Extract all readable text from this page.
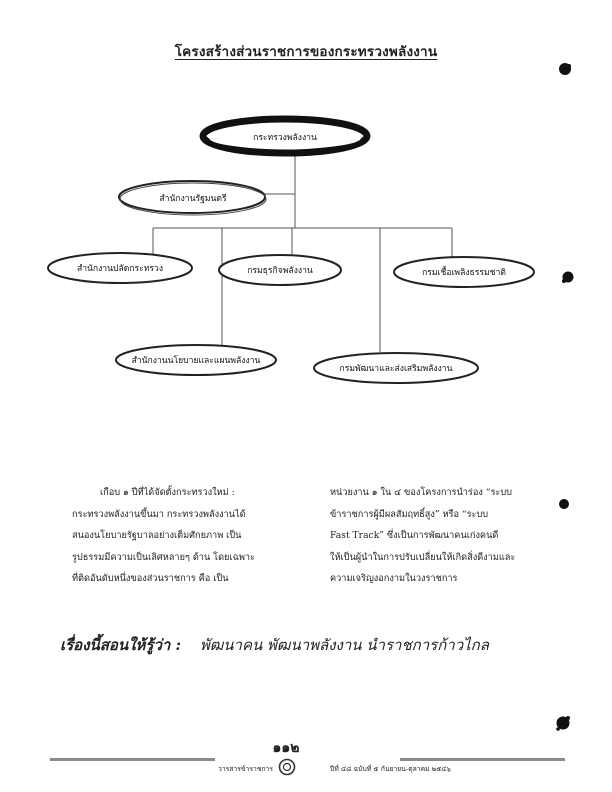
โครงสร้างส่วนราชการของกระทรวงพลังงาน
กระทรวงพลังงาน
สำนักงานรัฐมนตรี
สำนักงานปลัดกระทรวง	กรมธุรกิจพลังงาน	กรมเชื้อเพลิงธรรมชาติ
สำนักงานนโยบายและแผนพลังงาน
กรมพัฒนาและส่งเสริมพลังงาน

เกือบ ๑ ปีที่ได้จัดตั้งกระทรวงใหม่ :

กระทรวงพลังงานขึ้นมา กระทรวงพลังงานได้

สนองนโยบายรัฐบาลอย่างเต็มศักยภาพ เป็น

รูปธรรมมีความเป็นเลิศหลายๆ ด้าน โดยเฉพาะ

ที่ติดอันดับหนึ่งของส่วนราชการ คือ เป็น

หน่วยงาน ๑ ใน ๔ ของโครงการนำร่อง “ระบบ

ข้าราชการผู้มีผลสัมฤทธิ์สูง” หรือ “ระบบ

Fast Track” ซึ่งเป็นการพัฒนาคนเก่งคนดี

ให้เป็นผู้นำในการปรับเปลี่ยนให้เกิดสิ่งดีงามและ

ความเจริญงอกงามในวงราชการ

เรื่องนี้สอนให้รู้ว่า : พัฒนาคน พัฒนาพลังงาน นำราชการก้าวไกล
๑๑๒
วารสารข้าราชการ	ปีที่ ๔๘ ฉบับที่ ๕ กันยายน-ตุลาคม ๒๕๔๖
